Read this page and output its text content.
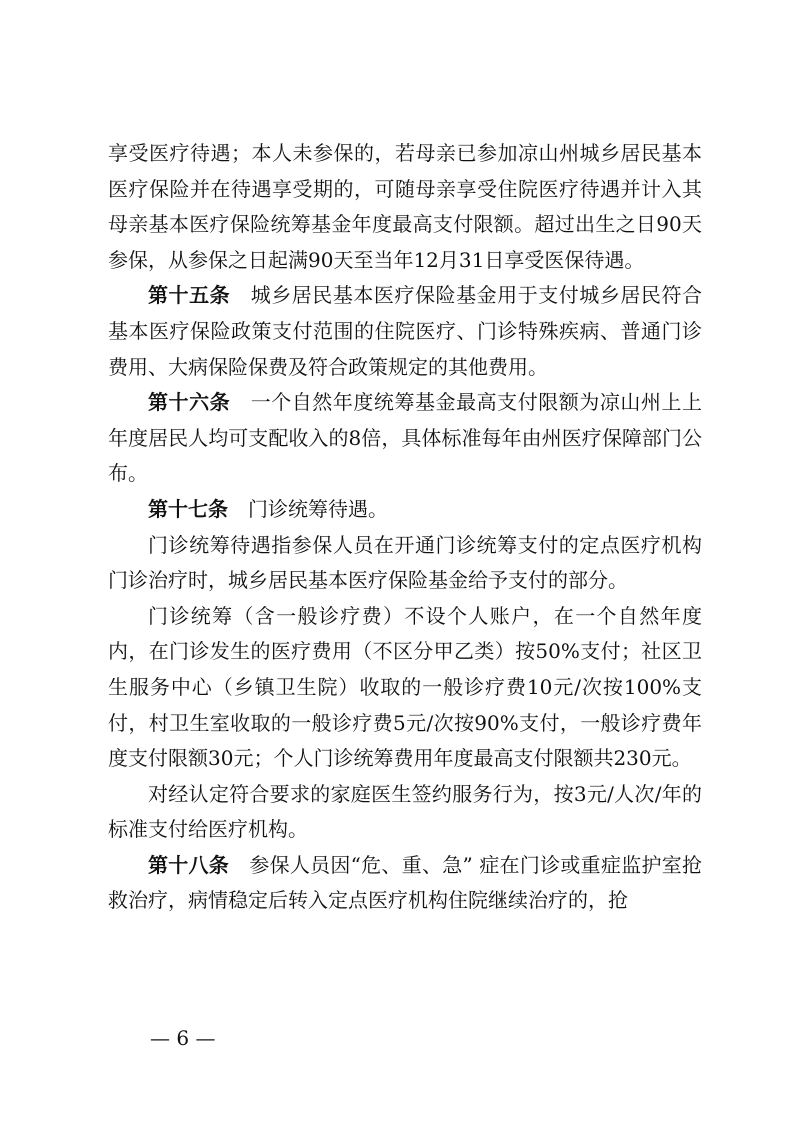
享受医疗待遇；本人未参保的，若母亲已参加凉山州城乡居民基本医疗保险并在待遇享受期的，可随母亲享受住院医疗待遇并计入其母亲基本医疗保险统筹基金年度最高支付限额。超过出生之日90天参保，从参保之日起满90天至当年12月31日享受医保待遇。

第十五条  城乡居民基本医疗保险基金用于支付城乡居民符合基本医疗保险政策支付范围的住院医疗、门诊特殊疾病、普通门诊费用、大病保险保费及符合政策规定的其他费用。

第十六条  一个自然年度统筹基金最高支付限额为凉山州上上年度居民人均可支配收入的8倍，具体标准每年由州医疗保障部门公布。

第十七条  门诊统筹待遇。

门诊统筹待遇指参保人员在开通门诊统筹支付的定点医疗机构门诊治疗时，城乡居民基本医疗保险基金给予支付的部分。

门诊统筹（含一般诊疗费）不设个人账户，在一个自然年度内，在门诊发生的医疗费用（不区分甲乙类）按50%支付；社区卫生服务中心（乡镇卫生院）收取的一般诊疗费10元/次按100%支付，村卫生室收取的一般诊疗费5元/次按90%支付，一般诊疗费年度支付限额30元；个人门诊统筹费用年度最高支付限额共230元。

对经认定符合要求的家庭医生签约服务行为，按3元/人次/年的标准支付给医疗机构。

第十八条  参保人员因“危、重、急” 症在门诊或重症监护室抢救治疗，病情稳定后转入定点医疗机构住院继续治疗的，抢

— 6 —
